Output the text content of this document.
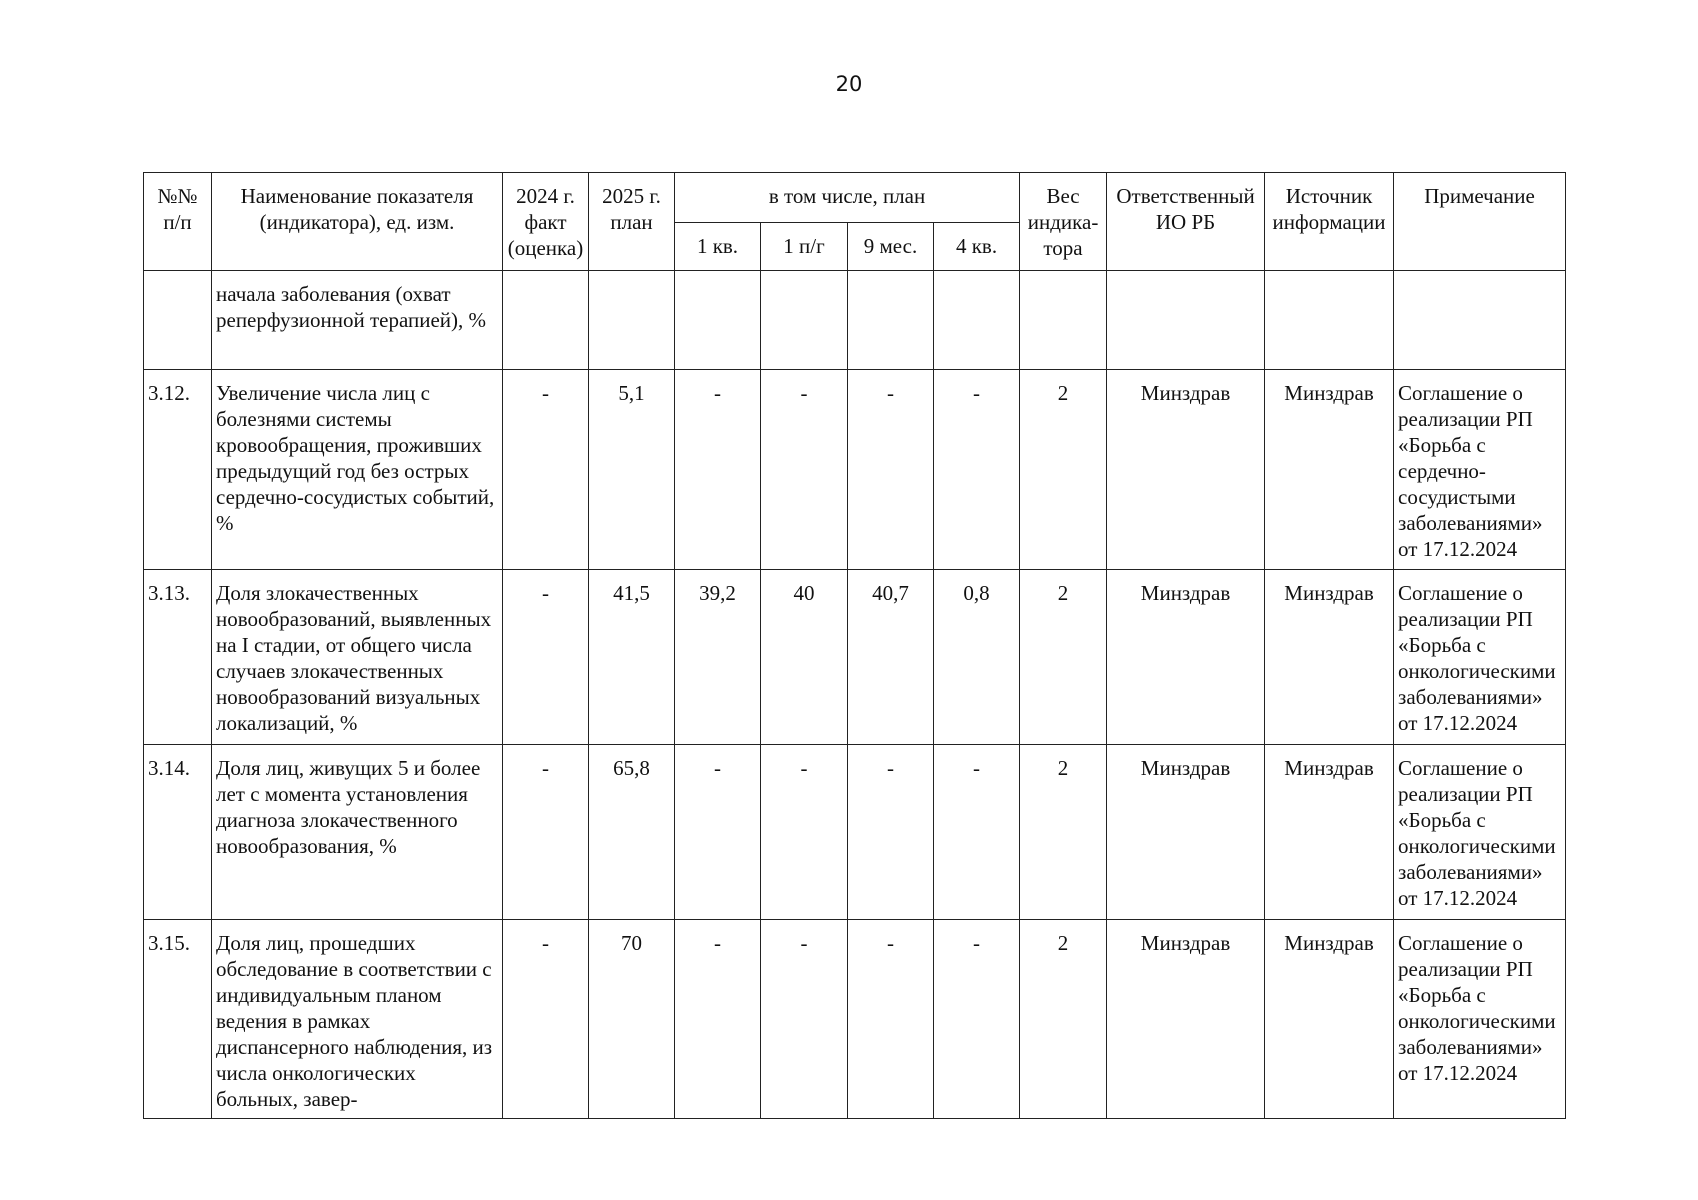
20
№№ п/п	Наименование показателя (индикатора), ед. изм.	2024 г. факт (оценка)	2025 г. план	в том числе, план				Вес индика-тора	Ответственный ИО РБ	Источник информации	Примечание
				1 кв.	1 п/г	9 мес.	4 кв.				
	начала заболевания (охват реперфузионной терапией), %										
3.12.	Увеличение числа лиц с болезнями системы кровообращения, проживших предыдущий год без острых сердечно-сосудистых событий, %	-	5,1	-	-	-	-	2	Минздрав	Минздрав	Соглашение о реализации РП «Борьба с сердечно-сосудистыми заболеваниями» от 17.12.2024
3.13.	Доля злокачественных новообразований, выявленных на I стадии, от общего числа случаев злокачественных новообразований визуальных локализаций, %	-	41,5	39,2	40	40,7	0,8	2	Минздрав	Минздрав	Соглашение о реализации РП «Борьба с онкологическими заболеваниями» от 17.12.2024
3.14.	Доля лиц, живущих 5 и более лет с момента установления диагноза злокачественного новообразования, %	-	65,8	-	-	-	-	2	Минздрав	Минздрав	Соглашение о реализации РП «Борьба с онкологическими заболеваниями» от 17.12.2024
3.15.	Доля лиц, прошедших обследование в соответствии с индивидуальным планом ведения в рамках диспансерного наблюдения, из числа онкологических больных, завер-	-	70	-	-	-	-	2	Минздрав	Минздрав	Соглашение о реализации РП «Борьба с онкологическими заболеваниями» от 17.12.2024
